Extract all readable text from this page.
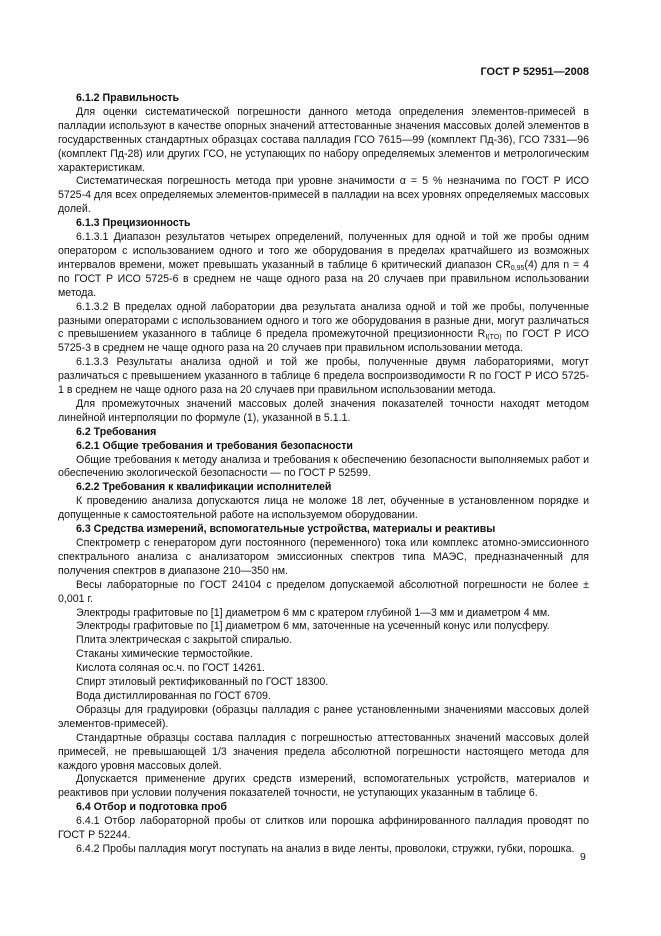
ГОСТ Р 52951—2008

6.1.2 Правильность

Для оценки систематической погрешности данного метода определения элементов-примесей в палладии используют в качестве опорных значений аттестованные значения массовых долей элементов в государственных стандартных образцах состава палладия ГСО 7615—99 (комплект Пд-36), ГСО 7331—96 (комплект Пд-28) или других ГСО, не уступающих по набору определяемых элементов и метрологическим характеристикам.

Систематическая погрешность метода при уровне значимости α = 5 % незначима по ГОСТ Р ИСО 5725-4 для всех определяемых элементов-примесей в палладии на всех уровнях определяемых массовых долей.

6.1.3 Прецизионность

6.1.3.1 Диапазон результатов четырех определений, полученных для одной и той же пробы одним оператором с использованием одного и того же оборудования в пределах кратчайшего из возможных интервалов времени, может превышать указанный в таблице 6 критический диапазон $CR_{0,95}(4)$ для n = 4 по ГОСТ Р ИСО 5725-6 в среднем не чаще одного раза на 20 случаев при правильном использовании метода.

6.1.3.2 В пределах одной лаборатории два результата анализа одной и той же пробы, полученные разными операторами с использованием одного и того же оборудования в разные дни, могут различаться с превышением указанного в таблице 6 предела промежуточной прецизионности $R_{I(TO)}$ по ГОСТ Р ИСО 5725-3 в среднем не чаще одного раза на 20 случаев при правильном использовании метода.

6.1.3.3 Результаты анализа одной и той же пробы, полученные двумя лабораториями, могут различаться с превышением указанного в таблице 6 предела воспроизводимости R по ГОСТ Р ИСО 5725-1 в среднем не чаще одного раза на 20 случаев при правильном использовании метода.

Для промежуточных значений массовых долей значения показателей точности находят методом линейной интерполяции по формуле (1), указанной в 5.1.1.

6.2 Требования

6.2.1 Общие требования и требования безопасности

Общие требования к методу анализа и требования к обеспечению безопасности выполняемых работ и обеспечению экологической безопасности — по ГОСТ Р 52599.

6.2.2 Требования к квалификации исполнителей

К проведению анализа допускаются лица не моложе 18 лет, обученные в установленном порядке и допущенные к самостоятельной работе на используемом оборудовании.

6.3 Средства измерений, вспомогательные устройства, материалы и реактивы

Спектрометр с генератором дуги постоянного (переменного) тока или комплекс атомно-эмиссионного спектрального анализа с анализатором эмиссионных спектров типа МАЭС, предназначенный для получения спектров в диапазоне 210—350 нм.

Весы лабораторные по ГОСТ 24104 с пределом допускаемой абсолютной погрешности не более ± 0,001 г.

Электроды графитовые по [1] диаметром 6 мм с кратером глубиной 1—3 мм и диаметром 4 мм.

Электроды графитовые по [1] диаметром 6 мм, заточенные на усеченный конус или полусферу.

Плита электрическая с закрытой спиралью.

Стаканы химические термостойкие.

Кислота соляная ос.ч. по ГОСТ 14261.

Спирт этиловый ректификованный по ГОСТ 18300.

Вода дистиллированная по ГОСТ 6709.

Образцы для градуировки (образцы палладия с ранее установленными значениями массовых долей элементов-примесей).

Стандартные образцы состава палладия с погрешностью аттестованных значений массовых долей примесей, не превышающей 1/3 значения предела абсолютной погрешности настоящего метода для каждого уровня массовых долей.

Допускается применение других средств измерений, вспомогательных устройств, материалов и реактивов при условии получения показателей точности, не уступающих указанным в таблице 6.

6.4 Отбор и подготовка проб

6.4.1 Отбор лабораторной пробы от слитков или порошка аффинированного палладия проводят по ГОСТ Р 52244.

6.4.2 Пробы палладия могут поступать на анализ в виде ленты, проволоки, стружки, губки, порошка.

9
